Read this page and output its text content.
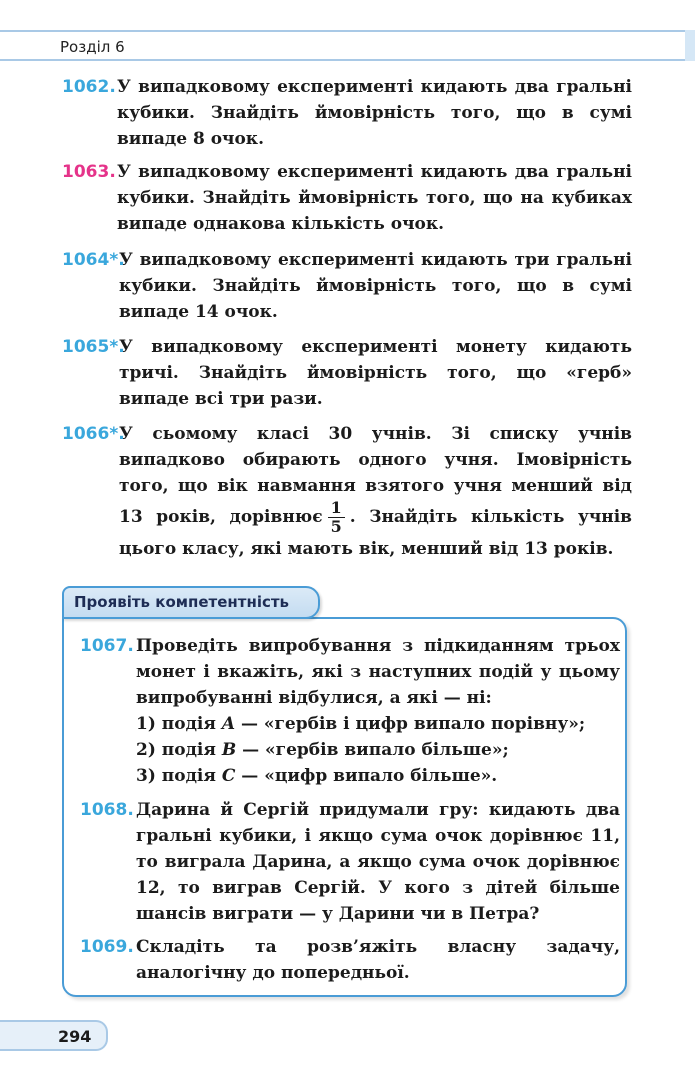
Розділ 6
1062. У випадковому експерименті кидають два гральні кубики. Знайдіть ймовірність того, що в сумі випаде 8 очок.
1063. У випадковому експерименті кидають два гральні кубики. Знайдіть ймовірність того, що на кубиках випаде однакова кількість очок.
1064*.
У випадковому експерименті кидають три гральні кубики. Знайдіть ймовірність того, що в сумі випаде 14 очок.
1065*.
У випадковому експерименті монету кидають тричі. Знайдіть ймовірність того, що «герб» випаде всі три рази.
1066*.
У сьомому класі 30 учнів. Зі списку учнів випадково обирають одного учня. Імовірність того, що вік навмання взятого учня менший від 13 років, дорівнює $\frac{1}{5}$ . Знайдіть кількість учнів цього класу, які мають вік, менший від 13 років.
1067. Проведіть випробування з підкиданням трьох монет і вкажіть, які з наступних подій у цьому випробуванні відбулися, а які — ні:
1) подія A — «гербів і цифр випало порівну»;
2) подія B — «гербів випало більше»;
3) подія C — «цифр випало більше».
1068. Дарина й Сергій придумали гру: кидають два гральні кубики, і якщо сума очок дорівнює 11, то виграла Дарина, а якщо сума очок дорівнює 12, то виграв Сергій. У кого з дітей більше шансів виграти — у Дарини чи в Петра?
1069. Складіть та розв’яжіть власну задачу, аналогічну до попередньої.
Проявіть компетентність
294
